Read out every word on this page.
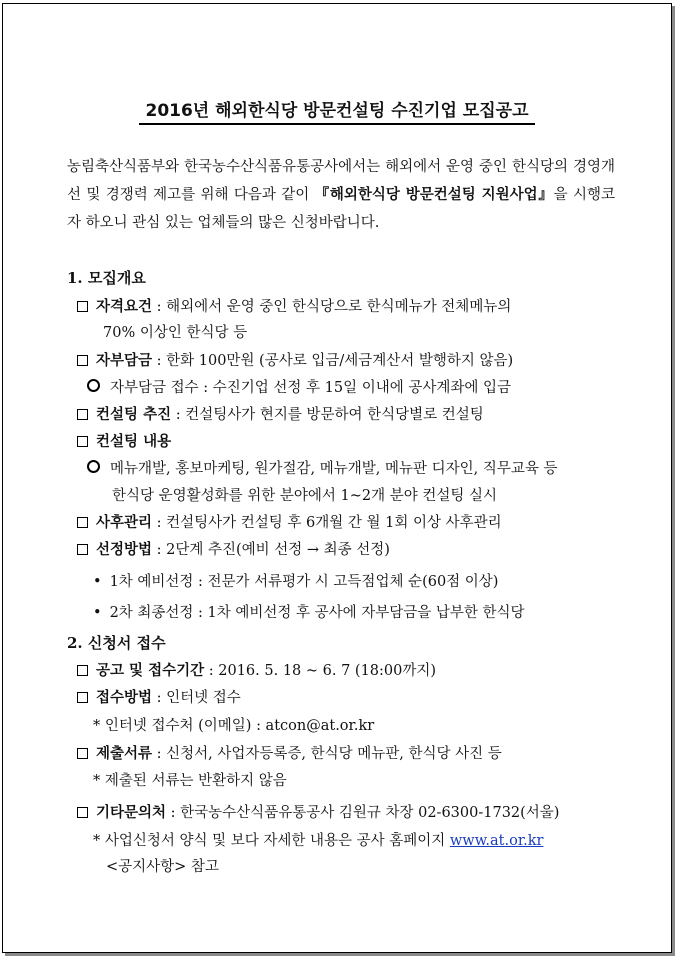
2016년 해외한식당 방문컨설팅 수진기업 모집공고
농림축산식품부와 한국농수산식품유통공사에서는 해외에서 운영 중인 한식당의 경영개선 및 경쟁력 제고를 위해 다음과 같이 『해외한식당 방문컨설팅 지원사업』을 시행코자 하오니 관심 있는 업체들의 많은 신청바랍니다.
1. 모집개요
자격요건 : 해외에서 운영 중인 한식당으로 한식메뉴가 전체메뉴의
70% 이상인 한식당 등
자부담금 : 한화 100만원 (공사로 입금/세금계산서 발행하지 않음)
자부담금 접수 : 수진기업 선정 후 15일 이내에 공사계좌에 입금
컨설팅 추진 : 컨설팅사가 현지를 방문하여 한식당별로 컨설팅
컨설팅 내용
메뉴개발, 홍보마케팅, 원가절감, 메뉴개발, 메뉴판 디자인, 직무교육 등
한식당 운영활성화를 위한 분야에서 1~2개 분야 컨설팅 실시
사후관리 : 컨설팅사가 컨설팅 후 6개월 간 월 1회 이상 사후관리
선정방법 : 2단계 추진(예비 선정 → 최종 선정)
• 1차 예비선정 : 전문가 서류평가 시 고득점업체 순(60점 이상)
• 2차 최종선정 : 1차 예비선정 후 공사에 자부담금을 납부한 한식당
2. 신청서 접수
공고 및 접수기간 : 2016. 5. 18 ~ 6. 7 (18:00까지)
접수방법 : 인터넷 접수
* 인터넷 접수처 (이메일) : atcon@at.or.kr
제출서류 : 신청서, 사업자등록증, 한식당 메뉴판, 한식당 사진 등
* 제출된 서류는 반환하지 않음
기타문의처 : 한국농수산식품유통공사 김원규 차장 02-6300-1732(서울)
* 사업신청서 양식 및 보다 자세한 내용은 공사 홈페이지 www.at.or.kr
<공지사항> 참고
